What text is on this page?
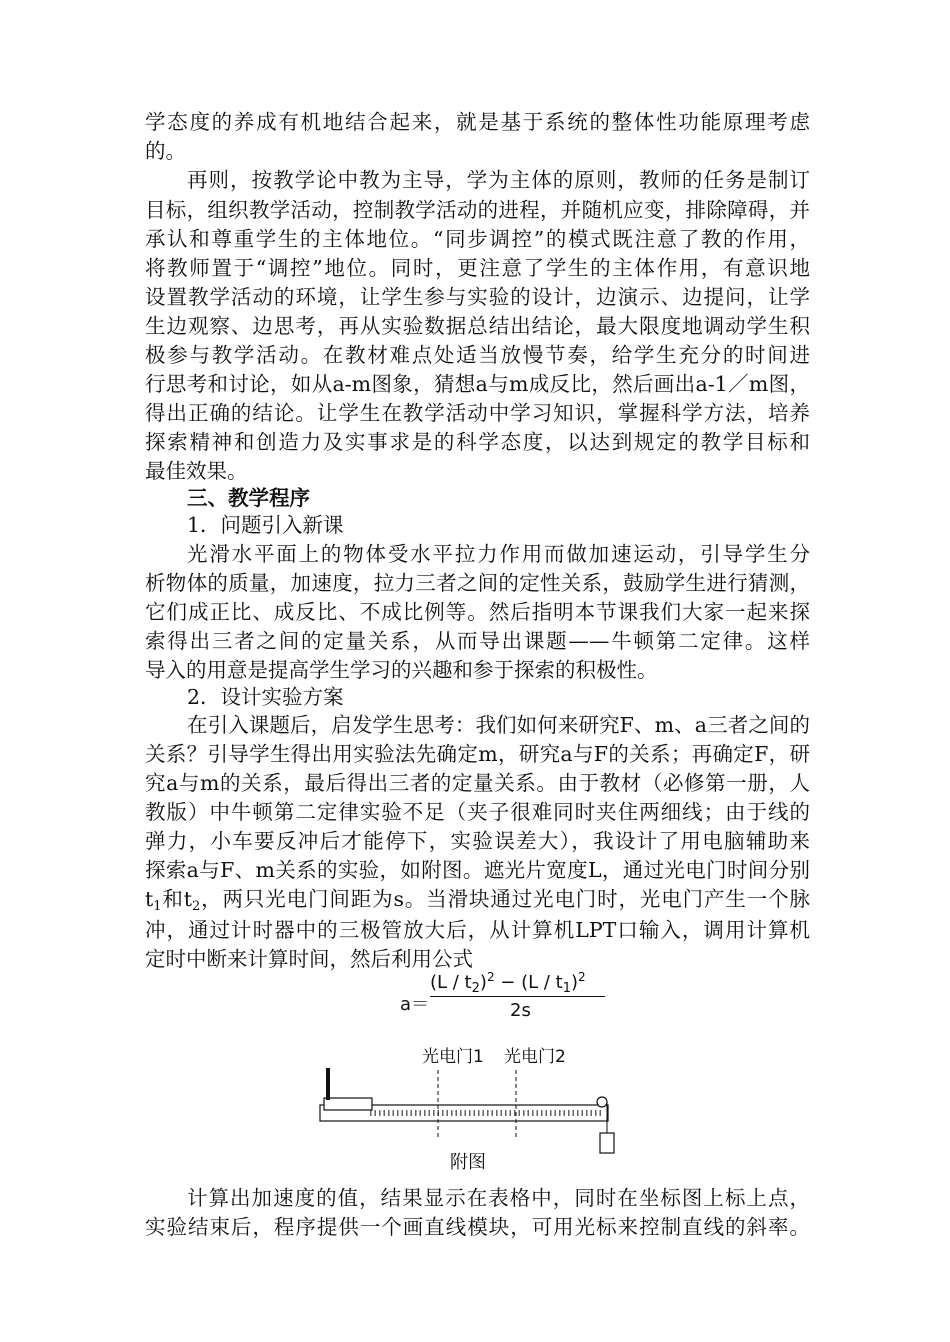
学态度的养成有机地结合起来，就是基于系统的整体性功能原理考虑
的。
再则，按教学论中教为主导，学为主体的原则，教师的任务是制订
目标，组织教学活动，控制教学活动的进程，并随机应变，排除障碍，并
承认和尊重学生的主体地位。“同步调控”的模式既注意了教的作用，
将教师置于“调控”地位。同时，更注意了学生的主体作用，有意识地
设置教学活动的环境，让学生参与实验的设计，边演示、边提问，让学
生边观察、边思考，再从实验数据总结出结论，最大限度地调动学生积
极参与教学活动。在教材难点处适当放慢节奏，给学生充分的时间进
行思考和讨论，如从a-m图象，猜想a与m成反比，然后画出a-1／m图，
得出正确的结论。让学生在教学活动中学习知识，掌握科学方法，培养
探索精神和创造力及实事求是的科学态度，以达到规定的教学目标和
最佳效果。
三、教学程序
1．问题引入新课
光滑水平面上的物体受水平拉力作用而做加速运动，引导学生分
析物体的质量，加速度，拉力三者之间的定性关系，鼓励学生进行猜测，
它们成正比、成反比、不成比例等。然后指明本节课我们大家一起来探
索得出三者之间的定量关系，从而导出课题——牛顿第二定律。这样
导入的用意是提高学生学习的兴趣和参于探索的积极性。
2．设计实验方案
在引入课题后，启发学生思考：我们如何来研究F、m、a三者之间的
关系？引导学生得出用实验法先确定m，研究a与F的关系；再确定F，研
究a与m的关系，最后得出三者的定量关系。由于教材（必修第一册，人
教版）中牛顿第二定律实验不足（夹子很难同时夹住两细线；由于线的
弹力，小车要反冲后才能停下，实验误差大），我设计了用电脑辅助来
探索a与F、m关系的实验，如附图。遮光片宽度L，通过光电门时间分别
$t_1$和$t_2$，两只光电门间距为s。当滑块通过光电门时，光电门产生一个脉
冲，通过计时器中的三极管放大后，从计算机LPT口输入，调用计算机
定时中断来计算时间，然后利用公式
a＝
$(L / t_2)^2 - (L / t_1)^2$
2s
光电门1 光电门2
附图
计算出加速度的值，结果显示在表格中，同时在坐标图上标上点，
实验结束后，程序提供一个画直线模块，可用光标来控制直线的斜率。
